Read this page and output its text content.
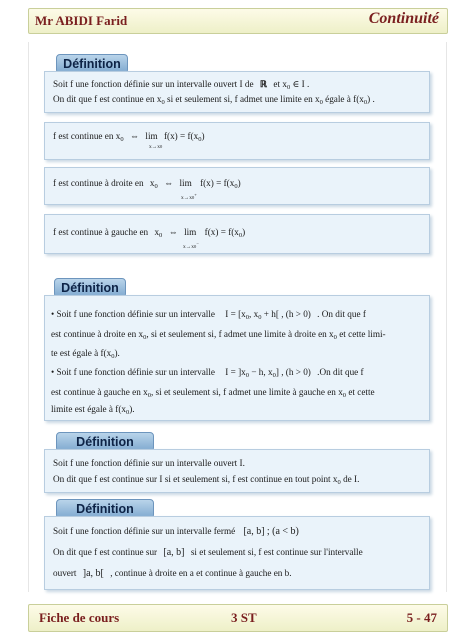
Mr ABIDI Farid	Continuité
Définition
Soit f une fonction définie sur un intervalle ouvert I de ℝ et $x_0$ ∈ I .
On dit que f est continue en $x_0$ si et seulement si, f admet une limite en $x_0$ égale à $f(x_0)$ .
f est continue en $x_0$ ⇔ $\lim f(x) = f(x_0)$
x→x0
f est continue à droite en $x_0$ ⇔ $\lim f(x) = f(x_0)$
x→x0+
f est continue à gauche en $x_0$ ⇔ $\lim f(x) = f(x_0)$
x→x0−
Définition
• Soit f une fonction définie sur un intervalle $I = [x_0$, $x_0 + h$[ , (h > 0) . On dit que f
est continue à droite en $x_0$, si et seulement si, f admet une limite à droite en $x_0$ et cette limi-
te est égale à $f(x_0)$.
• Soit f une fonction définie sur un intervalle $I = ]x_0 - h$, $x_0$] , (h > 0) .On dit que f
est continue à gauche en $x_0$, si et seulement si, f admet une limite à gauche en $x_0$ et cette
limite est égale à $f(x_0)$.
Définition
Soit f une fonction définie sur un intervalle ouvert I.
On dit que f est continue sur I si et seulement si, f est continue en tout point $x_0$ de I.
Définition
Soit f une fonction définie sur un intervalle fermé [a, b] ; (a < b)
On dit que f est continue sur [a, b] si et seulement si, f est continue sur l'intervalle
ouvert ]a, b[ , continue à droite en a et continue à gauche en b.
Fiche de cours	3 ST	5 - 47
